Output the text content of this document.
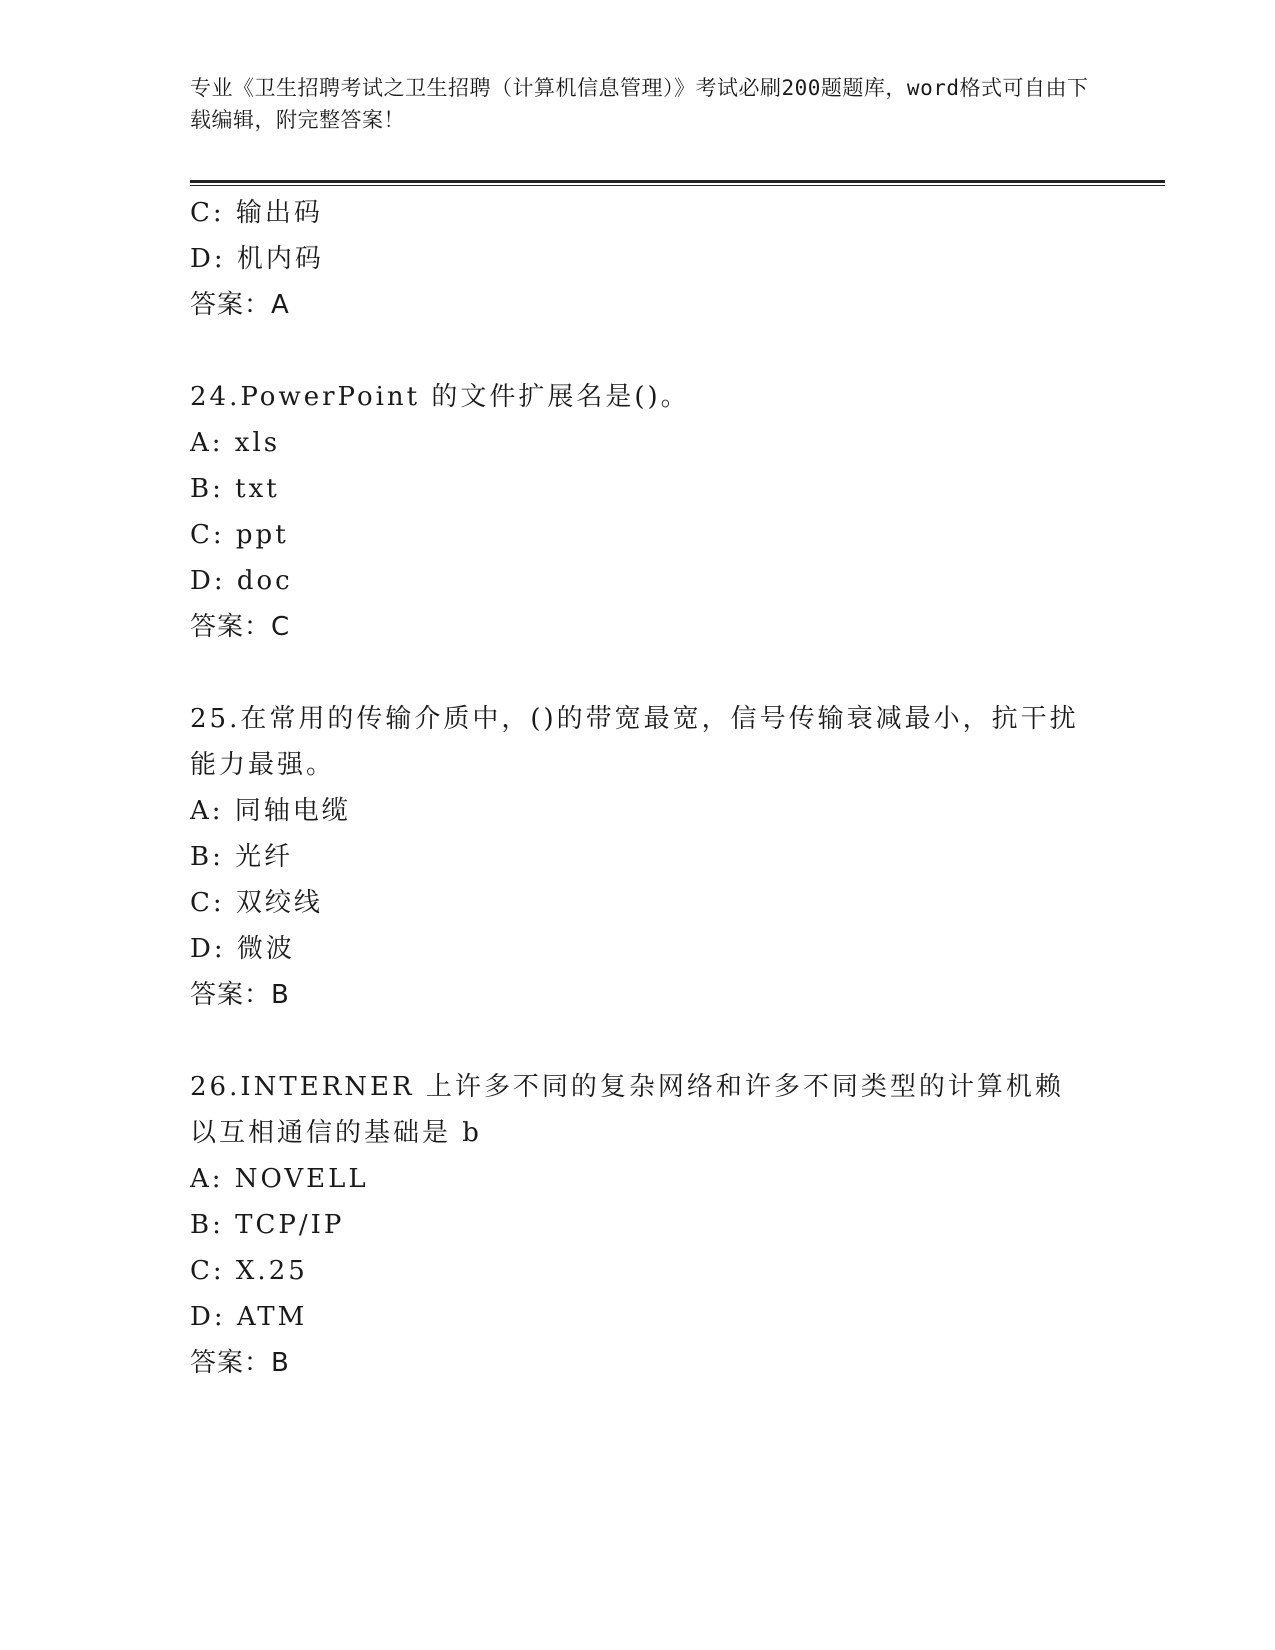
专业《卫生招聘考试之卫生招聘（计算机信息管理）》考试必刷200题题库，word格式可自由下载编辑，附完整答案！
C: 输出码
D: 机内码
答案：A
24.PowerPoint 的文件扩展名是()。
A: xls
B: txt
C: ppt
D: doc
答案：C
25.在常用的传输介质中，()的带宽最宽，信号传输衰减最小，抗干扰能力最强。
A: 同轴电缆
B: 光纤
C: 双绞线
D: 微波
答案：B
26.INTERNER 上许多不同的复杂网络和许多不同类型的计算机赖以互相通信的基础是 b
A: NOVELL
B: TCP/IP
C: X.25
D: ATM
答案：B
